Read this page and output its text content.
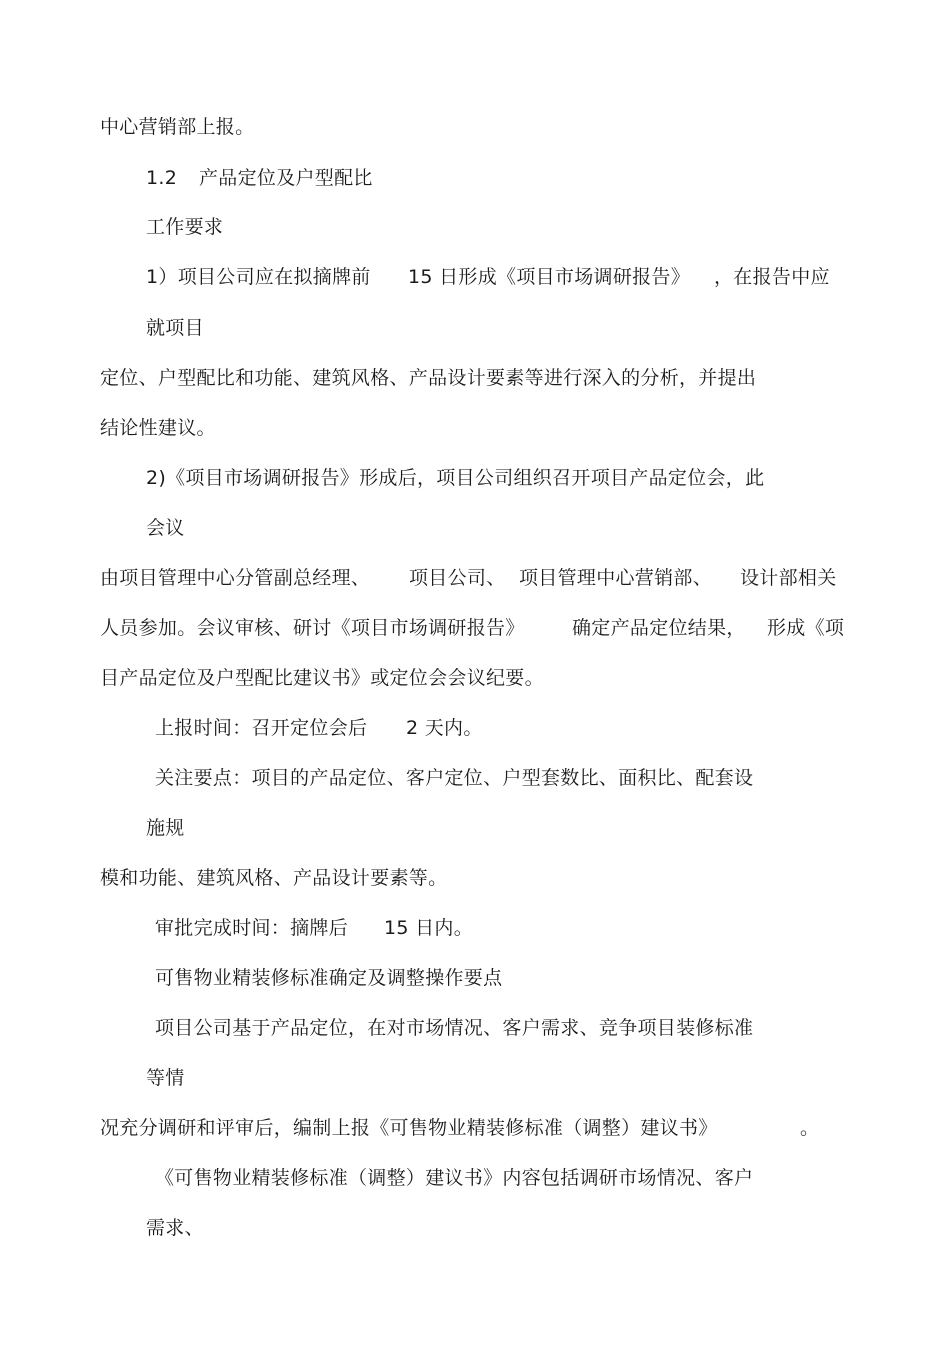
中心营销部上报。
1.2 产品定位及户型配比
工作要求
1）项目公司应在拟摘牌前 15 日形成《项目市场调研报告》 ，在报告中应
就项目
定位、户型配比和功能、建筑风格、产品设计要素等进行深入的分析，并提出
结论性建议。
2)《项目市场调研报告》形成后，项目公司组织召开项目产品定位会，此
会议
由项目管理中心分管副总经理、 项目公司、 项目管理中心营销部、 设计部相关
人员参加。会议审核、研讨《项目市场调研报告》 确定产品定位结果， 形成《项
目产品定位及户型配比建议书》或定位会会议纪要。
上报时间：召开定位会后 2 天内。
关注要点：项目的产品定位、客户定位、户型套数比、面积比、配套设
施规
模和功能、建筑风格、产品设计要素等。
审批完成时间：摘牌后 15 日内。
可售物业精装修标准确定及调整操作要点
项目公司基于产品定位，在对市场情况、客户需求、竞争项目装修标准
等情
况充分调研和评审后，编制上报《可售物业精装修标准（调整）建议书》	。
《可售物业精装修标准（调整）建议书》内容包括调研市场情况、客户
需求、
